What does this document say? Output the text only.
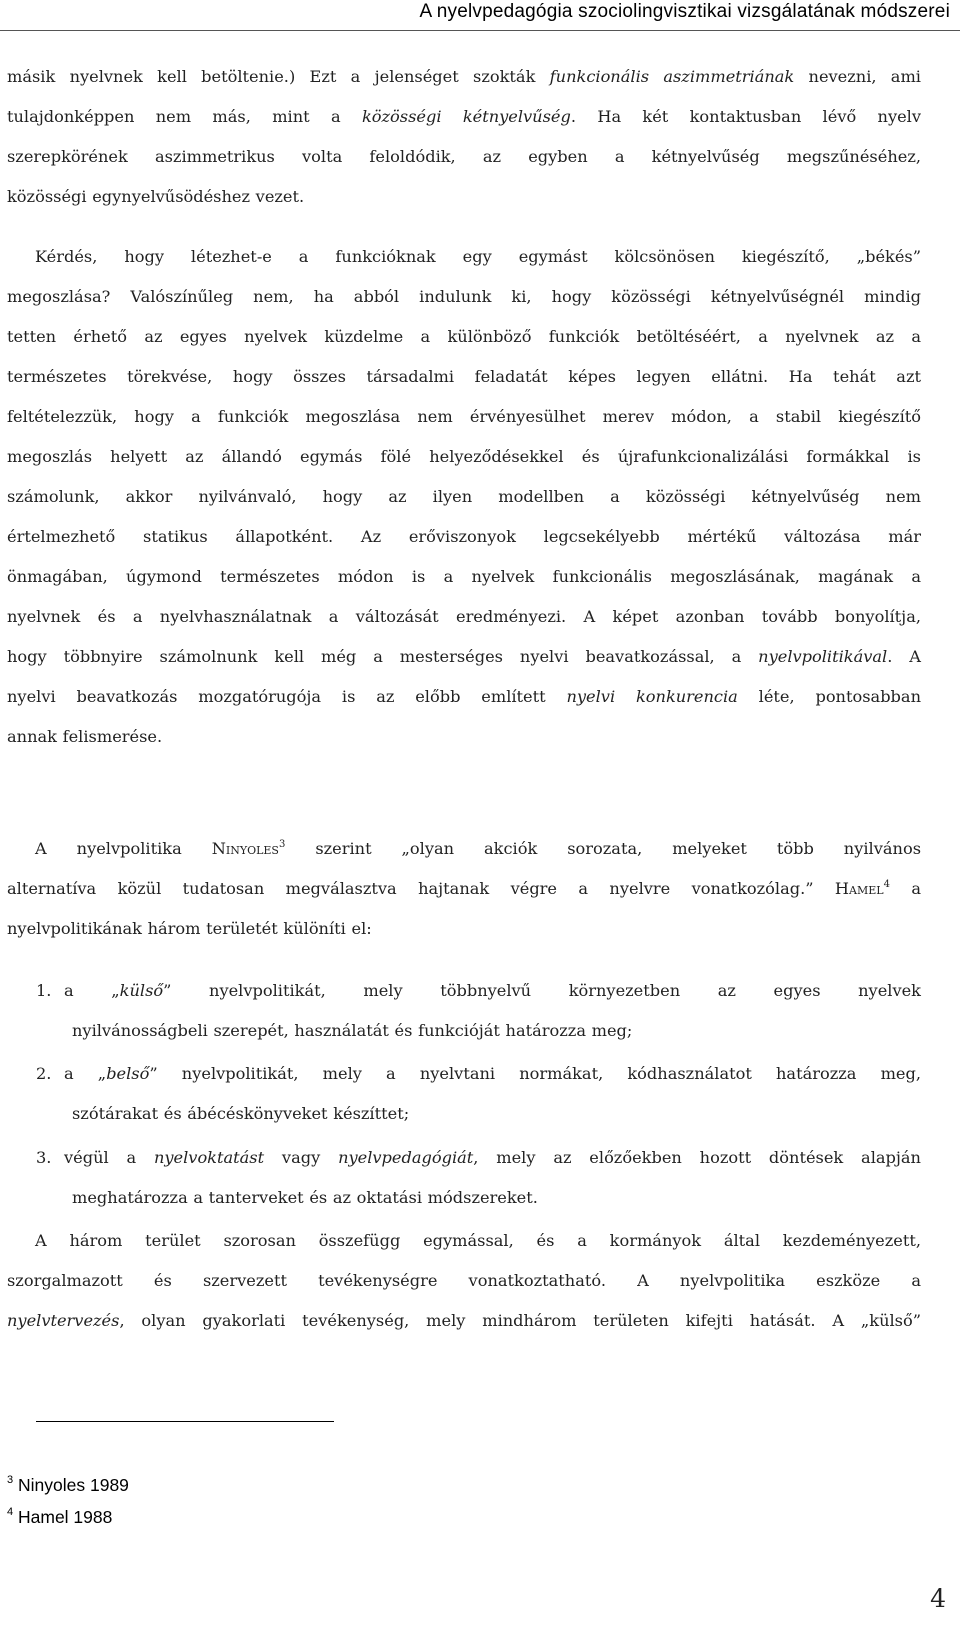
A nyelvpedagógia szociolingvisztikai vizsgálatának módszerei
másik nyelvnek kell betöltenie.) Ezt a jelenséget szokták funkcionális aszimmetriának nevezni, ami
tulajdonképpen nem más, mint a közösségi kétnyelvűség. Ha két kontaktusban lévő nyelv
szerepkörének aszimmetrikus volta feloldódik, az egyben a kétnyelvűség megszűnéséhez,
közösségi egynyelvűsödéshez vezet.
Kérdés, hogy létezhet-e a funkcióknak egy egymást kölcsönösen kiegészítő, „békés”
megoszlása? Valószínűleg nem, ha abból indulunk ki, hogy közösségi kétnyelvűségnél mindig
tetten érhető az egyes nyelvek küzdelme a különböző funkciók betöltéséért, a nyelvnek az a
természetes törekvése, hogy összes társadalmi feladatát képes legyen ellátni. Ha tehát azt
feltételezzük, hogy a funkciók megoszlása nem érvényesülhet merev módon, a stabil kiegészítő
megoszlás helyett az állandó egymás fölé helyeződésekkel és újrafunkcionalizálási formákkal is
számolunk, akkor nyilvánvaló, hogy az ilyen modellben a közösségi kétnyelvűség nem
értelmezhető statikus állapotként. Az erőviszonyok legcsekélyebb mértékű változása már
önmagában, úgymond természetes módon is a nyelvek funkcionális megoszlásának, magának a
nyelvnek és a nyelvhasználatnak a változását eredményezi. A képet azonban tovább bonyolítja,
hogy többnyire számolnunk kell még a mesterséges nyelvi beavatkozással, a nyelvpolitikával. A
nyelvi beavatkozás mozgatórugója is az előbb említett nyelvi konkurencia léte, pontosabban
annak felismerése.
A nyelvpolitika Ninyoles$^3$ szerint „olyan akciók sorozata, melyeket több nyilvános
alternatíva közül tudatosan megválasztva hajtanak végre a nyelvre vonatkozólag.” Hamel$^4$ a
nyelvpolitikának három területét különíti el:
1. a „külső” nyelvpolitikát, mely többnyelvű környezetben az egyes nyelvek
nyilvánosságbeli szerepét, használatát és funkcióját határozza meg;
2. a „belső” nyelvpolitikát, mely a nyelvtani normákat, kódhasználatot határozza meg,
szótárakat és ábécéskönyveket készíttet;
3. végül a nyelvoktatást vagy nyelvpedagógiát, mely az előzőekben hozott döntések alapján
meghatározza a tanterveket és az oktatási módszereket.
A három terület szorosan összefügg egymással, és a kormányok által kezdeményezett,
szorgalmazott és szervezett tevékenységre vonatkoztatható. A nyelvpolitika eszköze a
nyelvtervezés, olyan gyakorlati tevékenység, mely mindhárom területen kifejti hatását. A „külső”
$^3$ Ninyoles 1989
$^4$ Hamel 1988
4
